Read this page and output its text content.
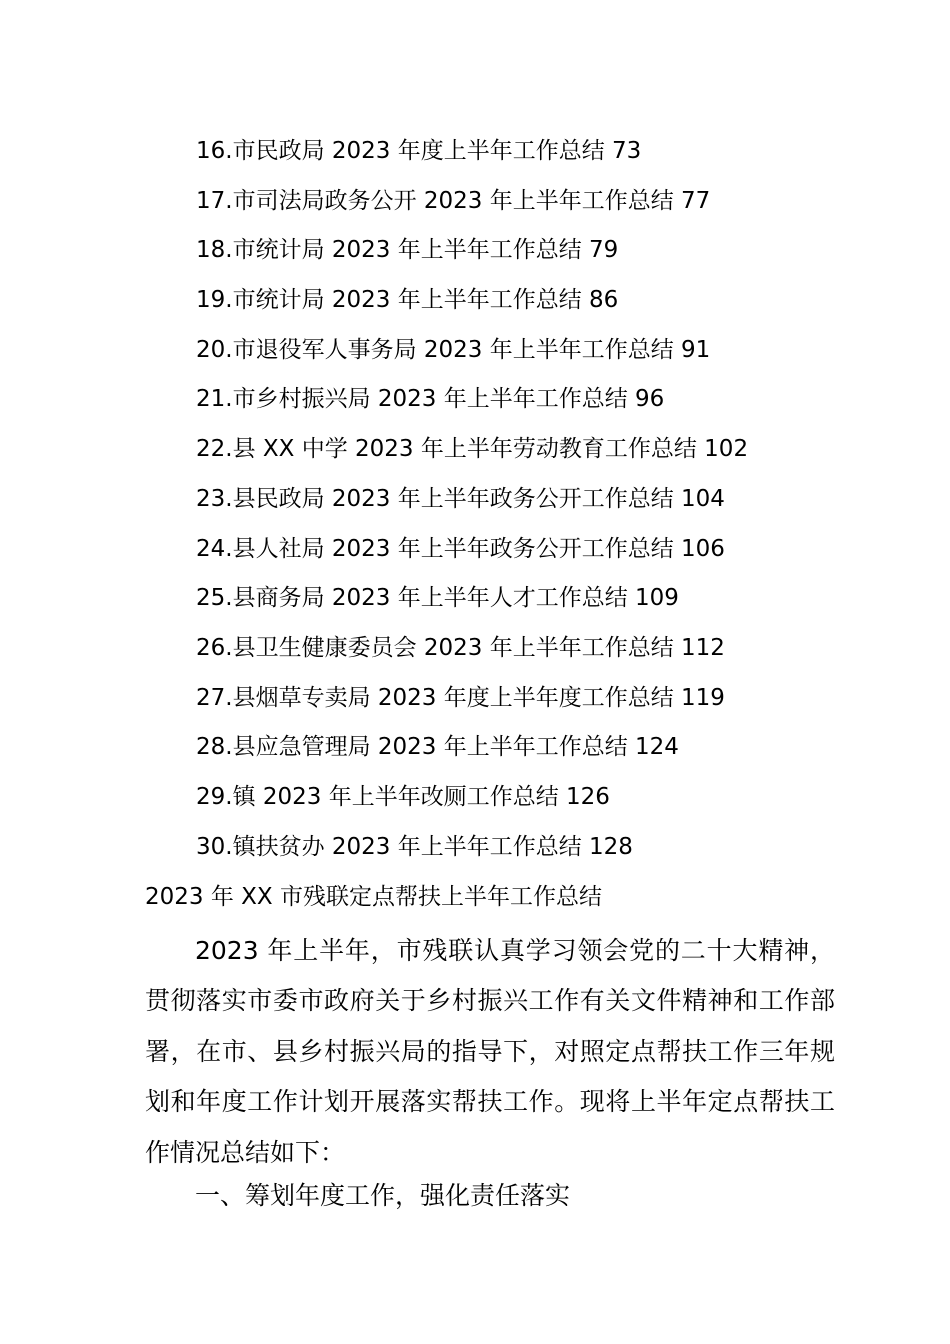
16.市民政局 2023 年度上半年工作总结 73
17.市司法局政务公开 2023 年上半年工作总结 77
18.市统计局 2023 年上半年工作总结 79
19.市统计局 2023 年上半年工作总结 86
20.市退役军人事务局 2023 年上半年工作总结 91
21.市乡村振兴局 2023 年上半年工作总结 96
22.县 XX 中学 2023 年上半年劳动教育工作总结 102
23.县民政局 2023 年上半年政务公开工作总结 104
24.县人社局 2023 年上半年政务公开工作总结 106
25.县商务局 2023 年上半年人才工作总结 109
26.县卫生健康委员会 2023 年上半年工作总结 112
27.县烟草专卖局 2023 年度上半年度工作总结 119
28.县应急管理局 2023 年上半年工作总结 124
29.镇 2023 年上半年改厕工作总结 126
30.镇扶贫办 2023 年上半年工作总结 128
2023 年 XX 市残联定点帮扶上半年工作总结

2023 年上半年，市残联认真学习领会党的二十大精神，贯彻落实市委市政府关于乡村振兴工作有关文件精神和工作部署，在市、县乡村振兴局的指导下，对照定点帮扶工作三年规划和年度工作计划开展落实帮扶工作。现将上半年定点帮扶工作情况总结如下：

一、筹划年度工作，强化责任落实
